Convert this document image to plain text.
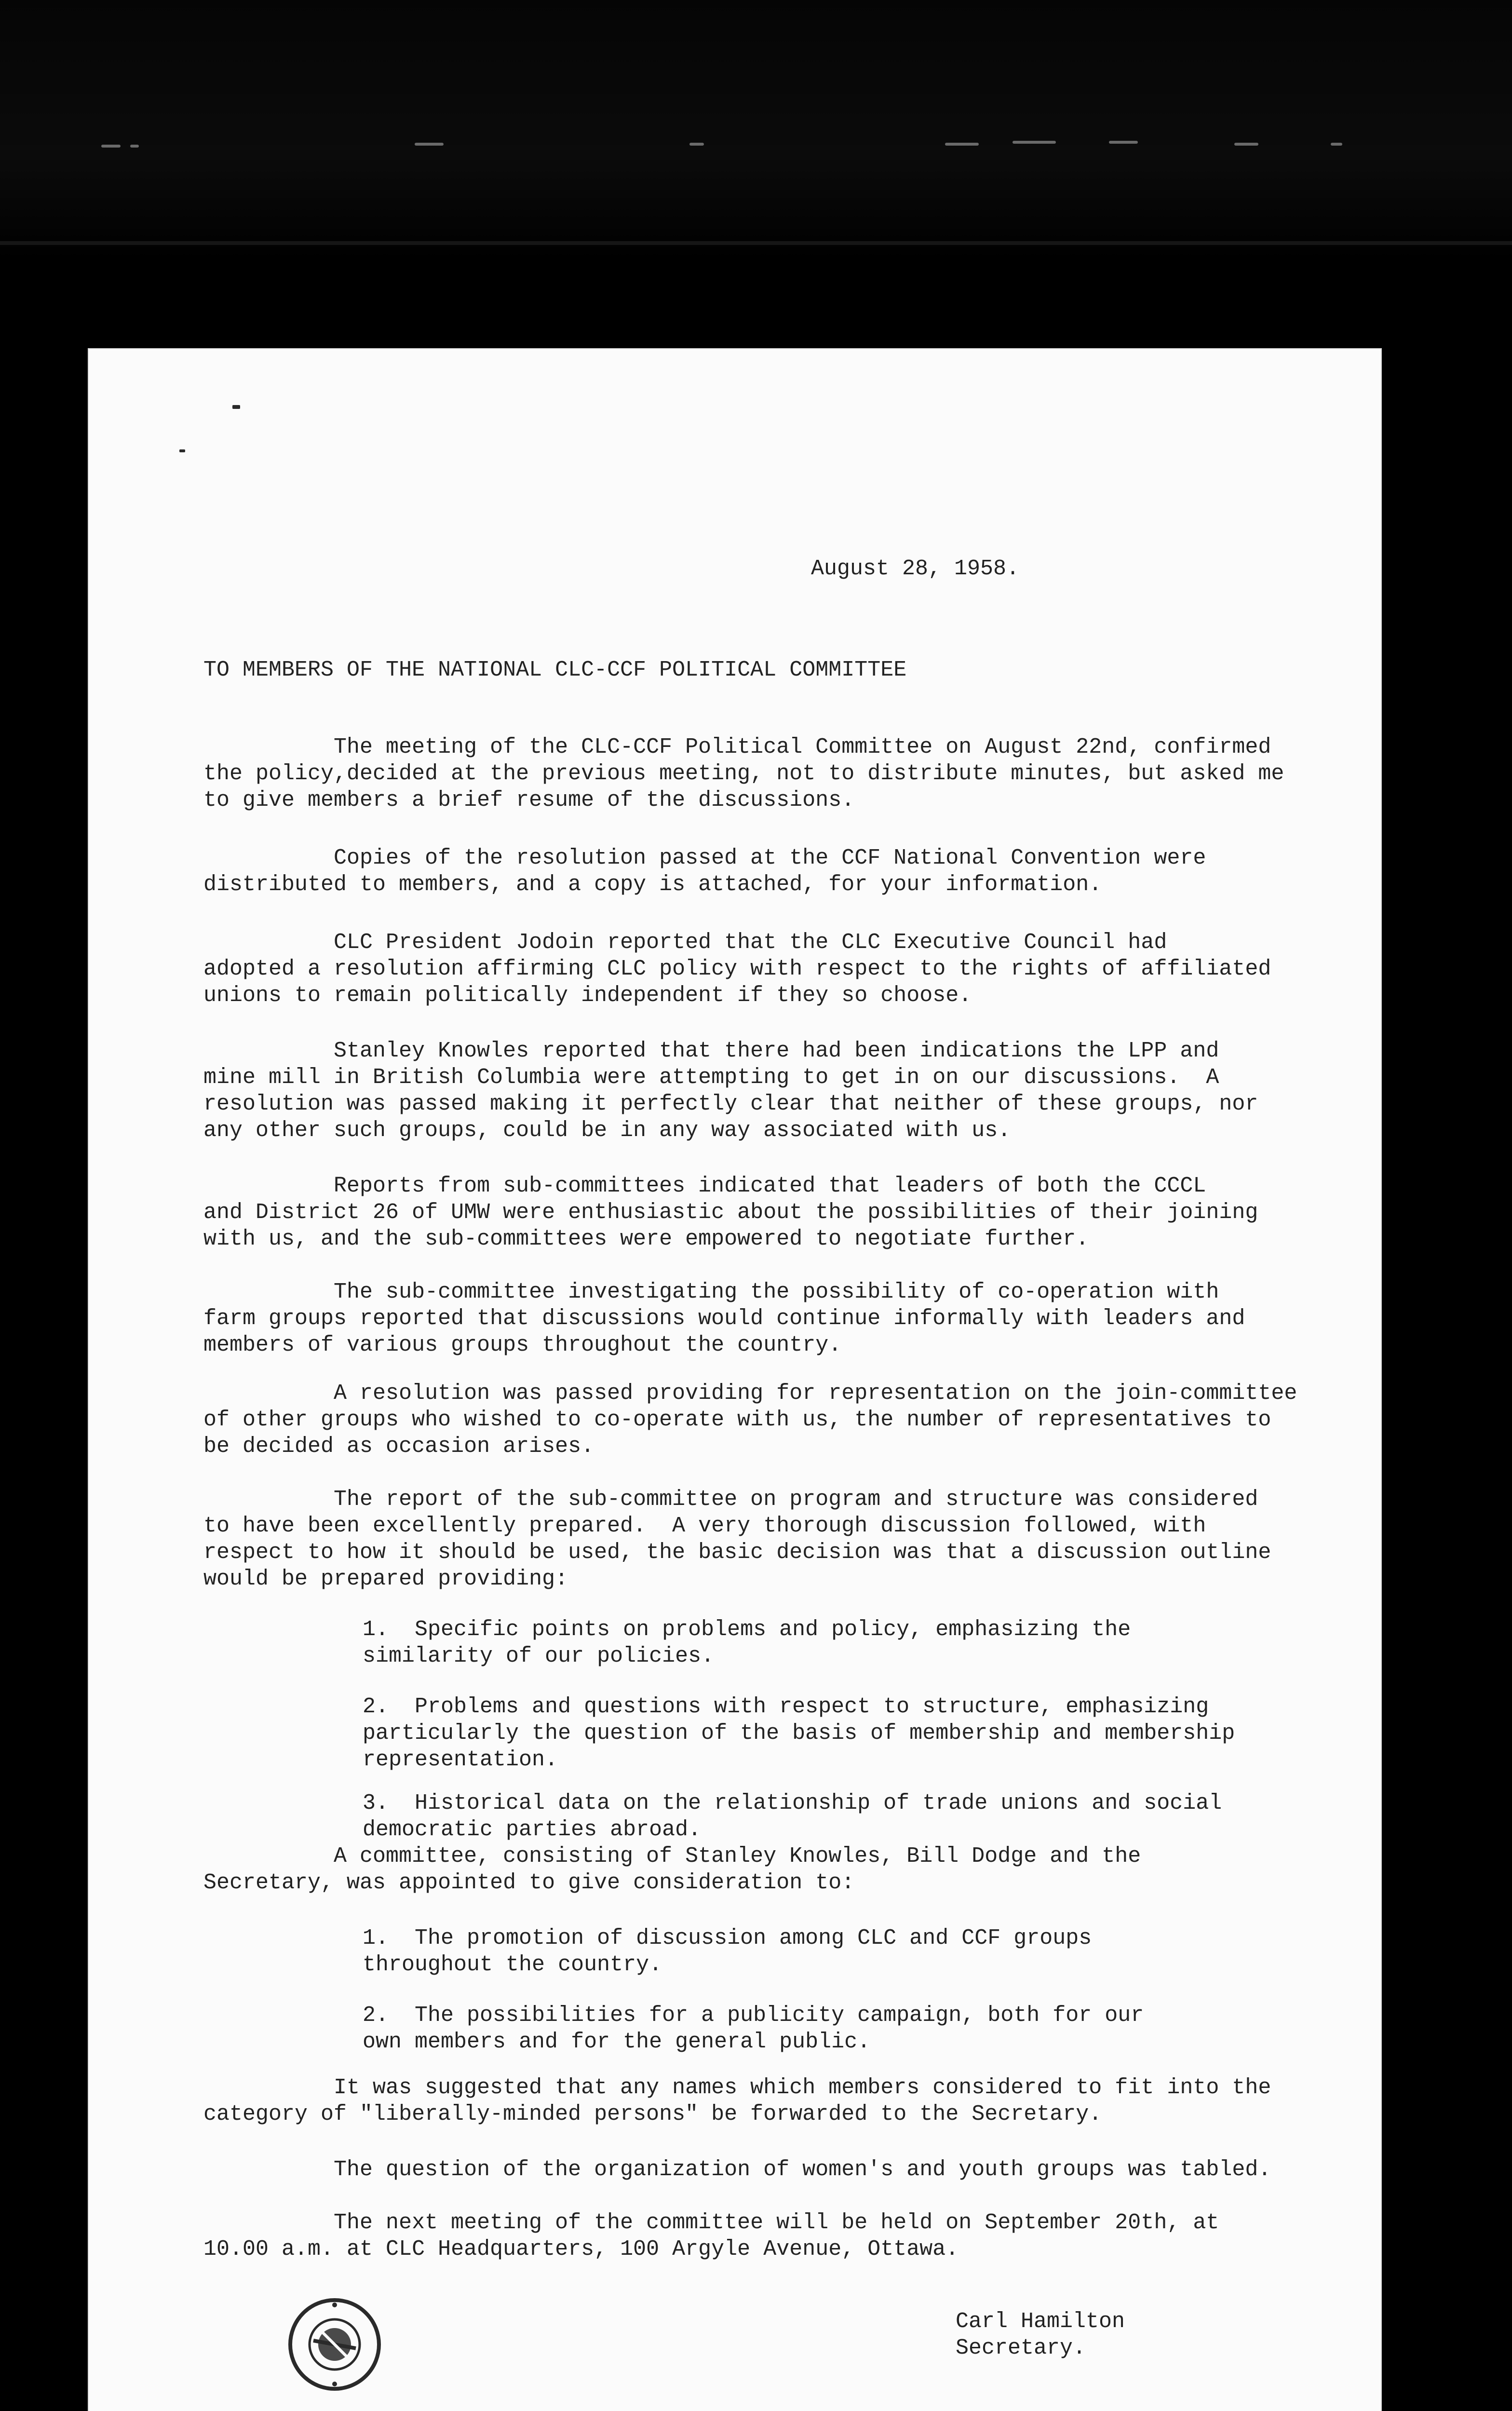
August 28, 1958.
TO MEMBERS OF THE NATIONAL CLC-CCF POLITICAL COMMITTEE
The meeting of the CLC-CCF Political Committee on August 22nd, confirmed
the policy,decided at the previous meeting, not to distribute minutes, but asked me
to give members a brief resume of the discussions.
Copies of the resolution passed at the CCF National Convention were
distributed to members, and a copy is attached, for your information.
CLC President Jodoin reported that the CLC Executive Council had
adopted a resolution affirming CLC policy with respect to the rights of affiliated
unions to remain politically independent if they so choose.
Stanley Knowles reported that there had been indications the LPP and
mine mill in British Columbia were attempting to get in on our discussions.  A
resolution was passed making it perfectly clear that neither of these groups, nor
any other such groups, could be in any way associated with us.
Reports from sub-committees indicated that leaders of both the CCCL
and District 26 of UMW were enthusiastic about the possibilities of their joining
with us, and the sub-committees were empowered to negotiate further.
The sub-committee investigating the possibility of co-operation with
farm groups reported that discussions would continue informally with leaders and
members of various groups throughout the country.
A resolution was passed providing for representation on the join-committee
of other groups who wished to co-operate with us, the number of representatives to
be decided as occasion arises.
The report of the sub-committee on program and structure was considered
to have been excellently prepared.  A very thorough discussion followed, with
respect to how it should be used, the basic decision was that a discussion outline
would be prepared providing:
1.  Specific points on problems and policy, emphasizing the
similarity of our policies.
2.  Problems and questions with respect to structure, emphasizing
particularly the question of the basis of membership and membership
representation.
3.  Historical data on the relationship of trade unions and social
democratic parties abroad.
A committee, consisting of Stanley Knowles, Bill Dodge and the
Secretary, was appointed to give consideration to:
1.  The promotion of discussion among CLC and CCF groups
throughout the country.
2.  The possibilities for a publicity campaign, both for our
own members and for the general public.
It was suggested that any names which members considered to fit into the
category of "liberally-minded persons" be forwarded to the Secretary.
The question of the organization of women's and youth groups was tabled.
The next meeting of the committee will be held on September 20th, at
10.00 a.m. at CLC Headquarters, 100 Argyle Avenue, Ottawa.
Carl Hamilton
Secretary.
